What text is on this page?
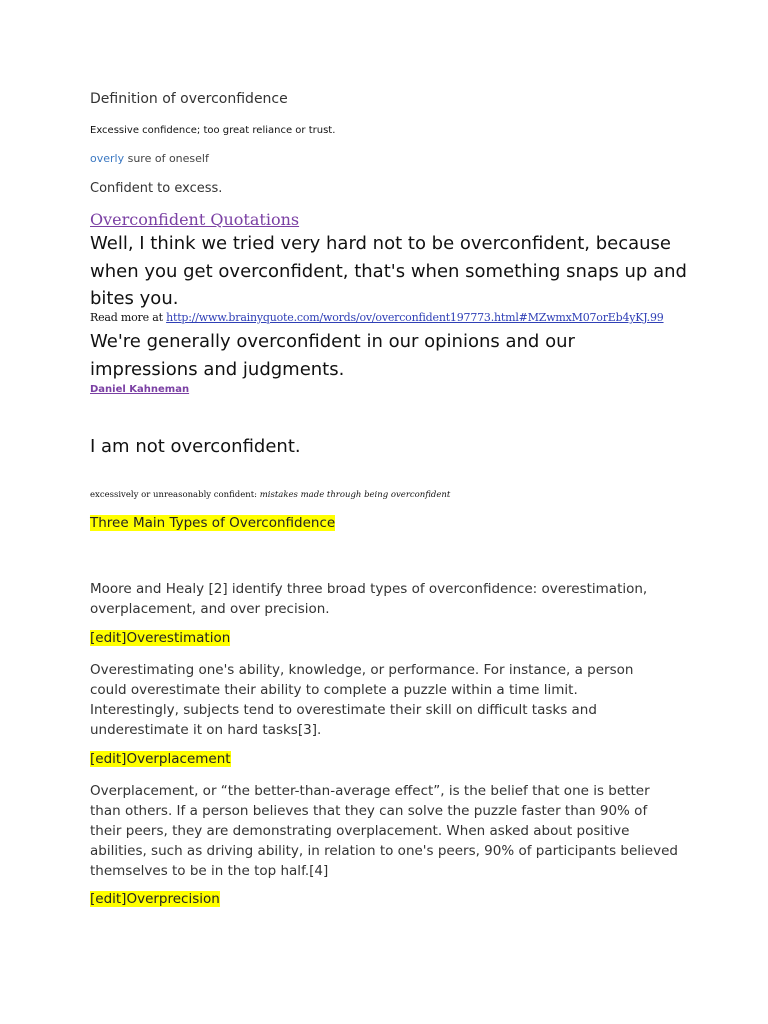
Definition of overconfidence
Excessive confidence; too great reliance or trust.
overly sure of oneself
Confident to excess.
Overconfident Quotations
Well, I think we tried very hard not to be overconfident, because when you get overconfident, that's when something snaps up and bites you.
Read more at http://www.brainyquote.com/words/ov/overconfident197773.html#MZwmxM07orEb4yKJ.99
We're generally overconfident in our opinions and our impressions and judgments.
Daniel Kahneman
I am not overconfident.
excessively or unreasonably confident: mistakes made through being overconfident
Three Main Types of Overconfidence
Moore and Healy [2] identify three broad types of overconfidence: overestimation, overplacement, and over precision.
[edit]Overestimation
Overestimating one's ability, knowledge, or performance. For instance, a person could overestimate their ability to complete a puzzle within a time limit. Interestingly, subjects tend to overestimate their skill on difficult tasks and underestimate it on hard tasks[3].
[edit]Overplacement
Overplacement, or “the better-than-average effect”, is the belief that one is better than others. If a person believes that they can solve the puzzle faster than 90% of their peers, they are demonstrating overplacement. When asked about positive abilities, such as driving ability, in relation to one's peers, 90% of participants believed themselves to be in the top half.[4]
[edit]Overprecision
